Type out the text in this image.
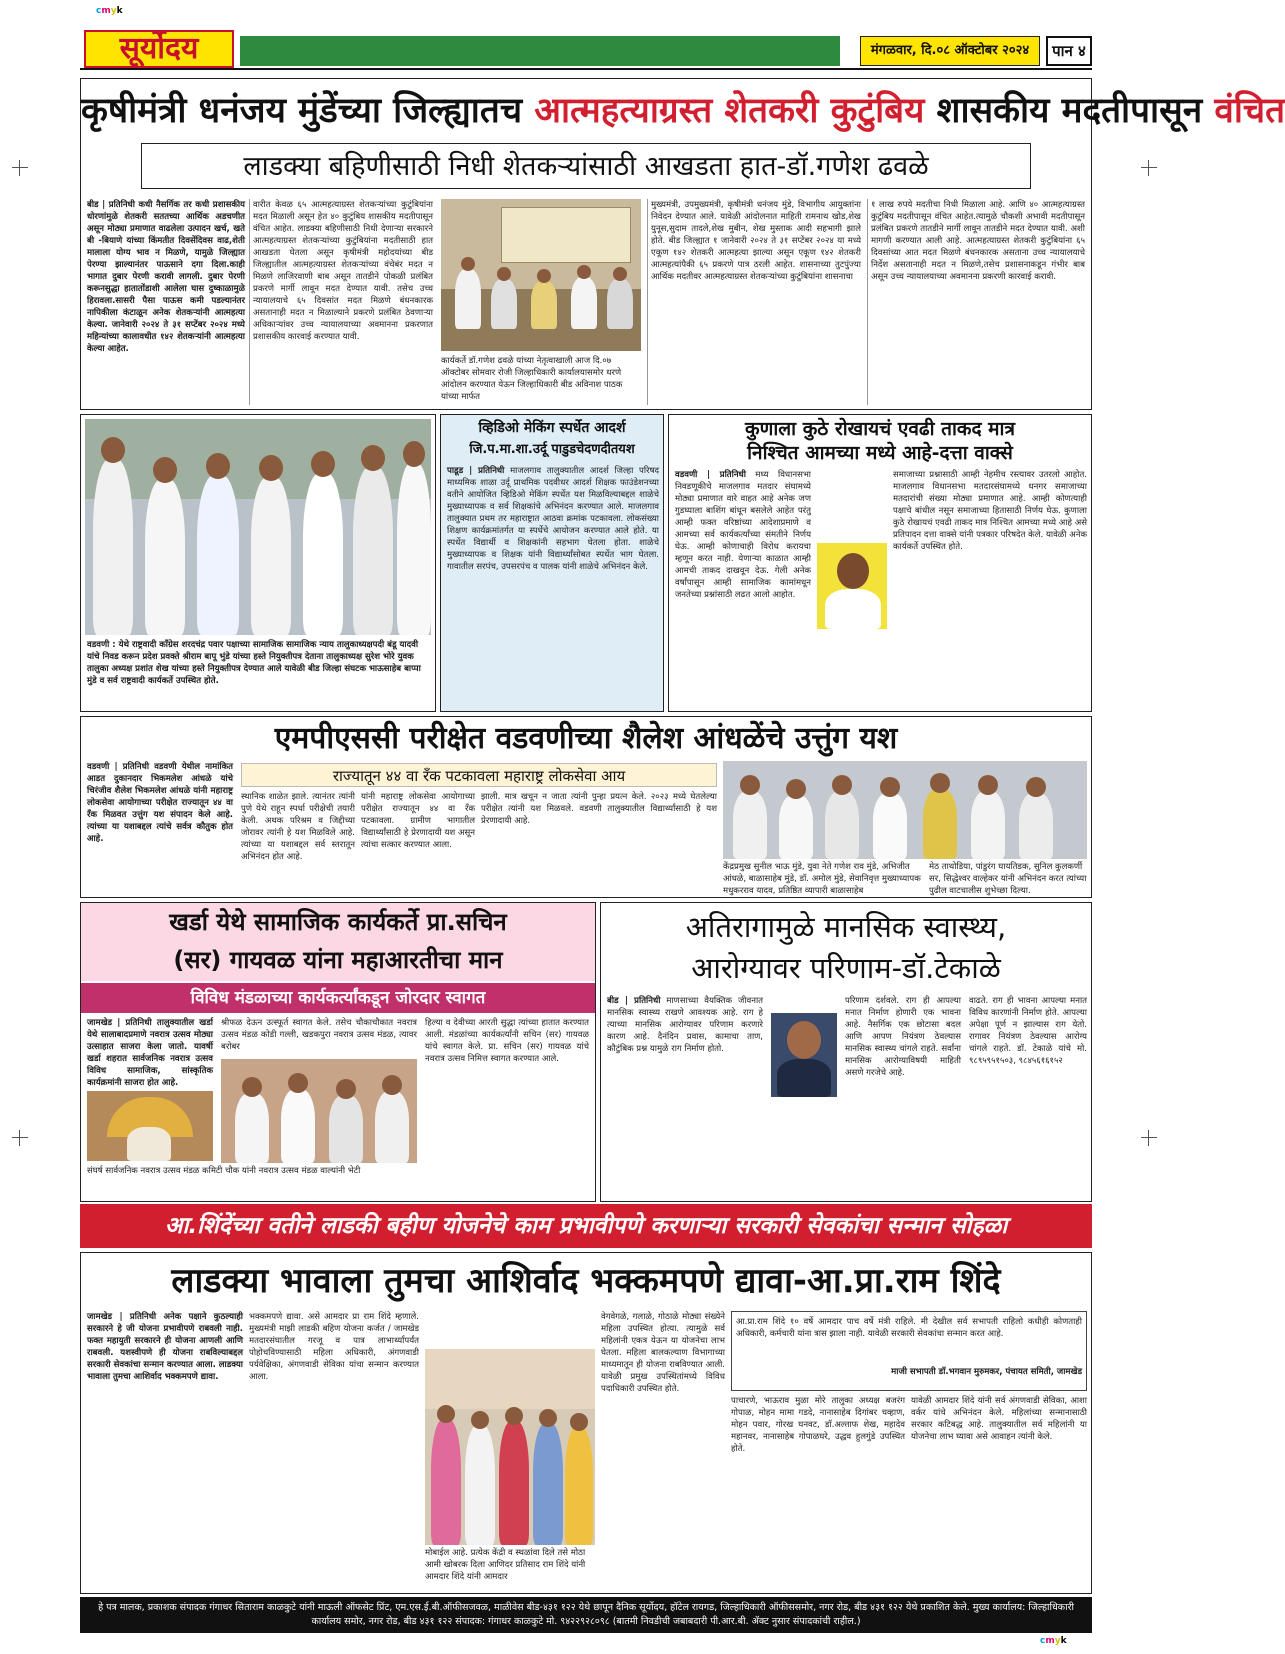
cmyk
cmyk
सूर्योदय	मंगळवार, दि.०८ ऑक्टोबर २०२४	पान ४
कृषीमंत्री धनंजय मुंडेंच्या जिल्ह्यातच आत्महत्याग्रस्त शेतकरी कुटुंबिय शासकीय मदतीपासून वंचित
लाडक्या बहिणीसाठी निधी शेतकऱ्यांसाठी आखडता हात-डॉ.गणेश ढवळे
बीड | प्रतिनिधी कधी नैसर्गिक तर कधी प्रशासकीय धोरणांमुळे शेतकरी सततच्या आर्थिक अडचणीत असून मोठ्या प्रमाणात वाढलेला उत्पादन खर्च, खते बी -बियाणे यांच्या किंमतीत दिवसेंदिवस वाढ,शेती मालाला योग्य भाव न मिळणे, यामुळे जिल्ह्यात पेरण्या झाल्यानंतर पाऊसाने दगा दिला.काही भागात दुबार पेरणी करावी लागली. दुबार पेरणी करूनसुद्धा हातातोंडाशी आलेला घास दुष्काळामुळे हिरावला.सासरी पैसा पाऊस कमी पडल्यानंतर नापिकीला कंटाळून अनेक शेतकऱ्यांनी आत्महत्या केल्या. जानेवारी २०२४ ते ३१ सप्टेंबर २०२४ मध्ये महिन्यांच्या कालावधीत १४२ शेतकऱ्यांनी आत्महत्या केल्या आहेत.
वारीत केवळ ६५ आत्महत्याग्रस्त शेतकऱ्यांच्या कुटुंबियांना मदत मिळाली असून हेत ४० कुटुंबिय शासकीय मदतीपासून वंचित आहेत. लाडक्या बहिणीसाठी निधी देणाऱ्या सरकारने आत्महत्याग्रस्त शेतकऱ्यांच्या कुटुंबियांना मदतीसाठी हात आखडता घेतला असून कृषीमंत्री महोदयांच्या बीड जिल्ह्यातील आत्महत्याग्रस्त शेतकऱ्यांच्या वंचेबंर मदत न मिळणे लाजिरवाणी बाब असून तातडीने पोकळी प्रलंबित प्रकरणे मार्गी लावून मदत देण्यात यावी. तसेच उच्च न्यायालयाचे ६५ दिवसांत मदत मिळणे बंधनकारक असतानाही मदत न मिळाल्याने प्रकरणे प्रलंबित ठेवणाऱ्या अधिकाऱ्यांवर उच्च न्यायालयाच्या अवमानना प्रकरणात प्रशासकीय कारवाई करण्यात यावी.
कार्यकर्ते डॉ.गणेश ढवळे यांच्या नेतृत्वाखाली आज दि.०७ ऑक्टोबर सोमवार रोजी जिल्हाधिकारी कार्यालयासमोर धरणे आंदोलन करण्यात येऊन जिल्हाधिकारी बीड अविनाश पाठक यांच्या मार्फत
मुख्यमंत्री, उपमुख्यमंत्री, कृषीमंत्री धनंजय मुंडे, विभागीय आयुक्तांना निवेदन देण्यात आले. यावेळी आंदोलनात माहिती रामनाथ खोड,शेख युनूस,सुदाम तादले,शेख मुबीन, शेख मुस्ताक आदी सहभागी झाले होते. बीड जिल्ह्यात १ जानेवारी २०२४ ते ३१ सप्टेंबर २०२४ या मध्ये एकूण १४२ शेतकरी आत्महत्या झाल्या असून एकूण १४२ शेतकरी आत्महत्यांपैकी ६५ प्रकरणे पात्र ठरली आहेत. शासनाच्या तुटपुंज्या आर्थिक मदतीवर आत्महत्याग्रस्त शेतकऱ्यांच्या कुटुंबियांना शासनाचा
१ लाख रुपये मदतीचा निधी मिळाला आहे. आणि ४० आत्महत्याग्रस्त कुटुंबिय मदतीपासून वंचित आहेत.त्यामुळे चौकशी अभावी मदतीपासून प्रलंबित प्रकरणे तातडीने मार्गी लावून तातडीने मदत देण्यात यावी. अशी मागणी करण्यात आली आहे. आत्महत्याग्रस्त शेतकरी कुटुंबियांना ६५ दिवसांच्या आत मदत मिळणे बंधनकारक असताना उच्च न्यायालयाचे निर्देश असतानाही मदत न मिळणे,तसेच प्रशासनाकडून गंभीर बाब असून उच्च न्यायालयाच्या अवमानना प्रकरणी कारवाई करावी.
वडवणी : येथे राष्ट्रवादी काँग्रेस शरदचंद्र पवार पक्षाच्या सामाजिक सामाजिक न्याय तालुकाध्यक्षपदी बंडू यादवी यांचे निवड करून प्रदेश प्रवक्ते श्रीराम बापू भुंडे यांच्या हस्ते नियुक्तीपत्र देताना तालुकाध्यक्ष सुरेश भोरे युवक तालुका अध्यक्ष प्रशांत शेख यांच्या हस्ते नियुक्तीपत्र देण्यात आले यावेळी बीड जिल्हा संघटक भाऊसाहेब बाप्पा मुंडे व सर्व राष्ट्रवादी कार्यकर्ते उपस्थित होते.
व्हिडिओ मेकिंग स्पर्धेत आदर्श
जि.प.मा.शा.उर्दू पाडुडचेदणदीतयश
पाडूड | प्रतिनिधी माजलगाव तालुक्यातील आदर्श जिल्हा परिषद माध्यमिक शाळा उर्दू प्राथमिक पदवीधर आदर्श शिक्षक फाउंडेशनच्या वतीने आयोजित व्हिडिओ मेकिंग स्पर्धेत यश मिळविल्याबद्दल शाळेचे मुख्याध्यापक व सर्व शिक्षकांचे अभिनंदन करण्यात आले. माजलगाव तालुक्यात प्रथम तर महाराष्ट्रात आठवा क्रमांक पटकावला. लोकसंख्या शिक्षण कार्यक्रमांतर्गत या स्पर्धेचे आयोजन करण्यात आले होते. या स्पर्धेत विद्यार्थी व शिक्षकांनी सहभाग घेतला होता. शाळेचे मुख्याध्यापक व शिक्षक यांनी विद्यार्थ्यांसोबत स्पर्धेत भाग घेतला. गावातील सरपंच, उपसरपंच व पालक यांनी शाळेचे अभिनंदन केले.
कुणाला कुठे रोखायचं एवढी ताकद मात्र
निश्चित आमच्या मध्ये आहे-दत्ता वाक्से
वडवणी | प्रतिनिधी मध्य विधानसभा निवडणूकीचे माजलगाव मतदार संघामध्ये मोठ्या प्रमाणात वारे वाहत आहे अनेक जण गुडघ्याला बाशिंग बांधून बसलेले आहेत परंतु आम्ही फक्त वरिष्ठांच्या आदेशाप्रमाणे व आमच्या सर्व कार्यकर्त्यांच्या संमतीने निर्णय घेऊ. आम्ही कोणाचाही विरोध करायचा म्हणून करत नाही. येणाऱ्या काळात आम्ही आमची ताकद दाखवून देऊ. गेली अनेक वर्षांपासून आम्ही सामाजिक कामांमधून जनतेच्या प्रश्नांसाठी लढत आलो आहोत.
समाजाच्या प्रश्नासाठी आम्ही नेहमीच रस्त्यावर उतरलो आहोत. माजलगाव विधानसभा मतदारसंघामध्ये धनगर समाजाच्या मतदारांची संख्या मोठ्या प्रमाणात आहे. आम्ही कोणत्याही पक्षाचे बांधील नसून समाजाच्या हितासाठी निर्णय घेऊ. कुणाला कुठे रोखायचं एवढी ताकद मात्र निश्चित आमच्या मध्ये आहे असे प्रतिपादन दत्ता वाक्से यांनी पत्रकार परिषदेत केले. यावेळी अनेक कार्यकर्ते उपस्थित होते.
एमपीएससी परीक्षेत वडवणीच्या शैलेश आंधळेंचे उत्तुंग यश
वडवणी | प्रतिनिधी वडवणी येथील नामांकित आडत दुकानदार भिकमलेश आंधळे यांचे चिरंजीव शैलेश भिकमलेश आंधळे यांनी महाराष्ट्र लोकसेवा आयोगाच्या परीक्षेत राज्यातून ४४ वा रँक मिळवत उत्तुंग यश संपादन केले आहे. त्यांच्या या यशाबद्दल त्यांचे सर्वत्र कौतुक होत आहे.
राज्यातून ४४ वा रँक पटकावला महाराष्ट्र लोकसेवा आय
स्थानिक शाळेत झाले. त्यानंतर त्यांनी पुणे येथे राहून स्पर्धा परीक्षेची तयारी केली. अथक परिश्रम व जिद्दीच्या जोरावर त्यांनी हे यश मिळविले आहे. त्यांच्या या यशाबद्दल सर्व स्तरातून अभिनंदन होत आहे.
यांनी महाराष्ट्र लोकसेवा आयोगाच्या परीक्षेत राज्यातून ४४ वा रँक पटकावला. ग्रामीण भागातील विद्यार्थ्यांसाठी हे प्रेरणादायी यश असून त्यांचा सत्कार करण्यात आला.
झाली. मात्र खचून न जाता त्यांनी पुन्हा प्रयत्न केले. २०२३ मध्ये घेतलेल्या परीक्षेत त्यांनी यश मिळवले. वडवणी तालुक्यातील विद्यार्थ्यांसाठी हे यश प्रेरणादायी आहे.
केंद्रप्रमुख सुनील भाऊ मुंडे, युवा नेते गणेश राव मुंडे, अभिजीत आंधळे, बाळासाहेब मुंडे, डॉ. अमोल मुंडे, सेवानिवृत्त मुख्याध्यापक मधुकरराव यादव, प्रतिष्ठित व्यापारी बाळासाहेब
मेठ ताथोडिया, पांडुरंग घायतिडक, सुनिल कुलकर्णी सर, सिद्धेश्वर वाल्हेकर यांनी अभिनंदन करत त्यांच्या पुढील वाटचालीस शुभेच्छा दिल्या.
खर्डा येथे सामाजिक कार्यकर्ते प्रा.सचिन
(सर) गायवळ यांना महाआरतीचा मान
विविध मंडळाच्या कार्यकर्त्यांकडून जोरदार स्वागत
जामखेड | प्रतिनिधी तालुक्यातील खर्डा येथे सालाबादप्रमाणे नवरात्र उत्सव मोठ्या उत्साहात साजरा केला जातो. यावर्षी खर्डा शहरात सार्वजनिक नवरात्र उत्सव विविध सामाजिक, सांस्कृतिक कार्यक्रमांनी साजरा होत आहे.
श्रीफळ देऊन उत्स्फूर्त स्वागत केले. तसेच चौकाचौकात नवरात्र उत्सव मंडळ कोडी गल्ली, खडकपुरा नवरात्र उत्सव मंडळ, त्यावर बरोबर
हिल्या व देवीच्या आरती सुद्धा त्यांच्या हातात करण्यात आली. मंडळांच्या कार्यकर्त्यांनी सचिन (सर) गायवळ यांचे स्वागत केले. प्रा. सचिन (सर) गायवळ यांचे नवरात्र उत्सव निमित्त स्वागत करण्यात आले.
संघर्ष सार्वजनिक नवरात्र उत्सव मंडळ कमिटी चौक यांनी नवरात्र उत्सव मंडळ वाल्यांनी भेटी
अतिरागामुळे मानसिक स्वास्थ्य,
आरोग्यावर परिणाम-डॉ.टेकाळे
बीड | प्रतिनिधी माणसाच्या वैयक्तिक जीवनात मानसिक स्वास्थ्य राखणे आवश्यक आहे. राग हे त्याच्या मानसिक आरोग्यावर परिणाम करणारे कारण आहे. दैनंदिन प्रवास, कामाचा ताण, कौटुंबिक प्रश्न यामुळे राग निर्माण होतो.
परिणाम दर्शवले. राग ही आपल्या मनात निर्माण होणारी एक भावना आहे. नैसर्गिक एक छोटासा बदल आणि आपण नियंत्रण ठेवल्यास मानसिक स्वास्थ्य चांगले राहते. सर्वांना मानसिक आरोग्याविषयी माहिती असणे गरजेचे आहे.
वाढते. राग ही भावना आपल्या मनात विविध कारणांनी निर्माण होते. आपल्या अपेक्षा पूर्ण न झाल्यास राग येतो. रागावर नियंत्रण ठेवल्यास आरोग्य चांगले राहते. डॉ. टेकाळे यांचे मो. ९८९५९५१५०३, ९८४५६१६१५२
आ.शिंदेंच्या वतीने लाडकी बहीण योजनेचे काम प्रभावीपणे करणाऱ्या सरकारी सेवकांचा सन्मान सोहळा
लाडक्या भावाला तुमचा आशिर्वाद भक्कमपणे द्यावा-आ.प्रा.राम शिंदे
जामखेड | प्रतिनिधी अनेक पक्षाने कुठल्याही सरकारने हे जी योजना प्रभावीपणे राबवली नाही. फक्त महायुती सरकारने ही योजना आणली आणि राबवली. यशस्वीपणे ही योजना राबविल्याबद्दल सरकारी सेवकांचा सन्मान करण्यात आला. लाडक्या भावाला तुमचा आशिर्वाद भक्कमपणे द्यावा.
भक्कमपणे द्यावा. असे आमदार प्रा राम शिंदे म्हणाले. मुख्यमंत्री माझी लाडकी बहिण योजना कर्जत / जामखेड मतदारसंघातील गरजू व पात्र लाभार्थ्यांपर्यंत पोहोचविण्यासाठी महिला अधिकारी, अंगणवाडी पर्यवेक्षिका, अंगणवाडी सेविका यांचा सन्मान करण्यात आला.
मोबाईल आहे. प्रत्येक केंद्री व स्थळांवा दिले तसे मोठा आमी खोबरक दिला आणिदर प्रतिसाद राम शिंदे यांनी आमदार शिंदे यांनी आमदार
वेगवेगळे, गलाळे, गोठाळे मोठ्या संख्येने महिला उपस्थित होत्या. त्यामुळे सर्व महिलांनी एकत्र येऊन या योजनेचा लाभ घेतला. महिला बालकल्याण विभागाच्या माध्यमातून ही योजना राबविण्यात आली. यावेळी प्रमुख उपस्थितांमध्ये विविध पदाधिकारी उपस्थित होते.
आ.प्रा.राम शिंदे १० वर्षे आमदार पाच वर्षे मंत्री राहिले. मी देखील सर्व सभापती राहिलो कधीही कोणताही अधिकारी, कर्मचारी यांना त्रास झाला नाही. यावेळी सरकारी सेवकांचा सन्मान करत आहे.
माजी सभापती डॉ.भगवान मुरुमकर, पंचायत समिती, जामखेड
पाचारणे, भाऊराव मुळा मोरे तालुका अध्यक्ष बजरंग गोपाळ, मोहन मामा गडदे, नानासाहेब दिगांबर चव्हाण, मोहन पवार, गोरख घनवट, डॉ.अल्ताफ शेख, महादेव महानवर, नानासाहेब गोपाळघरे, उद्धव हुलगुंडे उपस्थित होते.
यावेळी आमदार शिंदे यांनी सर्व अंगणवाडी सेविका, आशा वर्कर यांचे अभिनंदन केले. महिलांच्या सन्मानासाठी सरकार कटिबद्ध आहे. तालुक्यातील सर्व महिलांनी या योजनेचा लाभ घ्यावा असे आवाहन त्यांनी केले.
हे पत्र मालक, प्रकाशक संपादक गंगाधर सिताराम काळकुटे यांनी माऊली ऑफसेट प्रिंट, एम.एस.ई.बी.ऑफीसजवळ, माळीवेस बीड-४३१ १२२ येथे छापून दैनिक सूर्योदय, हॉटेल रायगड, जिल्हाधिकारी ऑफीससमोर, नगर रोड, बीड ४३१ १२२ येथे प्रकाशित केले. मुख्य कार्यालय: जिल्हाधिकारी कार्यालय समोर, नगर रोड, बीड ४३१ १२२ संपादक: गंगाधर काळकुटे मो. ९४२२९२८०९८ (बातमी निवडीची जबाबदारी पी.आर.बी. ॲक्ट नुसार संपादकांची राहील.)
